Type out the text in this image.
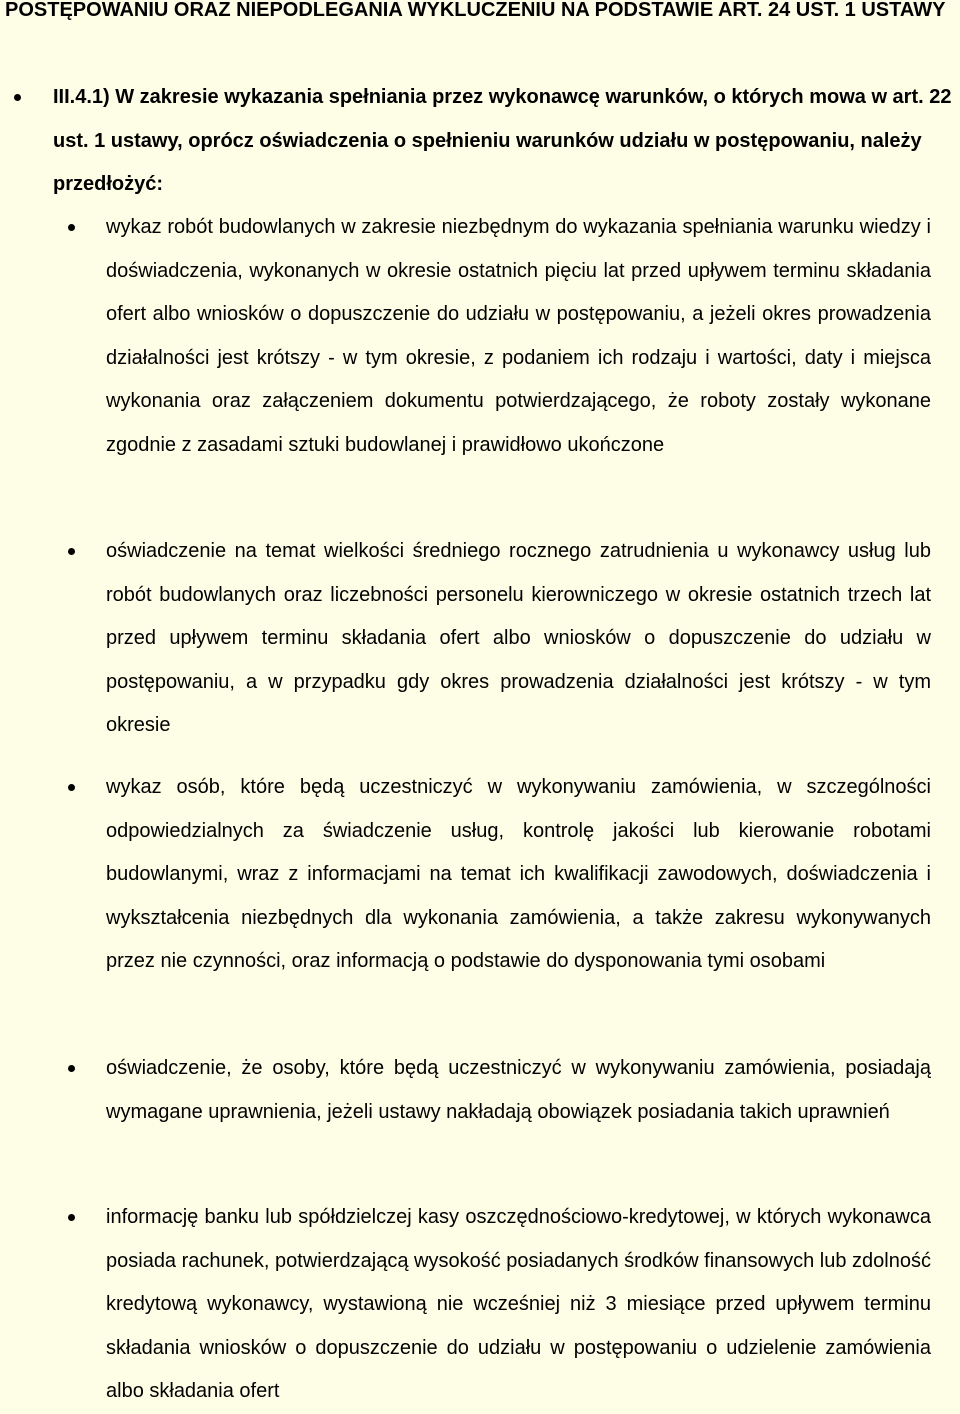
POSTĘPOWANIU ORAZ NIEPODLEGANIA WYKLUCZENIU NA PODSTAWIE ART. 24 UST. 1 USTAWY
III.4.1) W zakresie wykazania spełniania przez wykonawcę warunków, o których mowa w art. 22 ust. 1 ustawy, oprócz oświadczenia o spełnieniu warunków udziału w postępowaniu, należy przedłożyć:
wykaz robót budowlanych w zakresie niezbędnym do wykazania spełniania warunku wiedzy i doświadczenia, wykonanych w okresie ostatnich pięciu lat przed upływem terminu składania ofert albo wniosków o dopuszczenie do udziału w postępowaniu, a jeżeli okres prowadzenia działalności jest krótszy - w tym okresie, z podaniem ich rodzaju i wartości, daty i miejsca wykonania oraz załączeniem dokumentu potwierdzającego, że roboty zostały wykonane zgodnie z zasadami sztuki budowlanej i prawidłowo ukończone
oświadczenie na temat wielkości średniego rocznego zatrudnienia u wykonawcy usług lub robót budowlanych oraz liczebności personelu kierowniczego w okresie ostatnich trzech lat przed upływem terminu składania ofert albo wniosków o dopuszczenie do udziału w postępowaniu, a w przypadku gdy okres prowadzenia działalności jest krótszy - w tym okresie
wykaz osób, które będą uczestniczyć w wykonywaniu zamówienia, w szczególności odpowiedzialnych za świadczenie usług, kontrolę jakości lub kierowanie robotami budowlanymi, wraz z informacjami na temat ich kwalifikacji zawodowych, doświadczenia i wykształcenia niezbędnych dla wykonania zamówienia, a także zakresu wykonywanych przez nie czynności, oraz informacją o podstawie do dysponowania tymi osobami
oświadczenie, że osoby, które będą uczestniczyć w wykonywaniu zamówienia, posiadają wymagane uprawnienia, jeżeli ustawy nakładają obowiązek posiadania takich uprawnień
informację banku lub spółdzielczej kasy oszczędnościowo-kredytowej, w których wykonawca posiada rachunek, potwierdzającą wysokość posiadanych środków finansowych lub zdolność kredytową wykonawcy, wystawioną nie wcześniej niż 3 miesiące przed upływem terminu składania wniosków o dopuszczenie do udziału w postępowaniu o udzielenie zamówienia albo składania ofert
